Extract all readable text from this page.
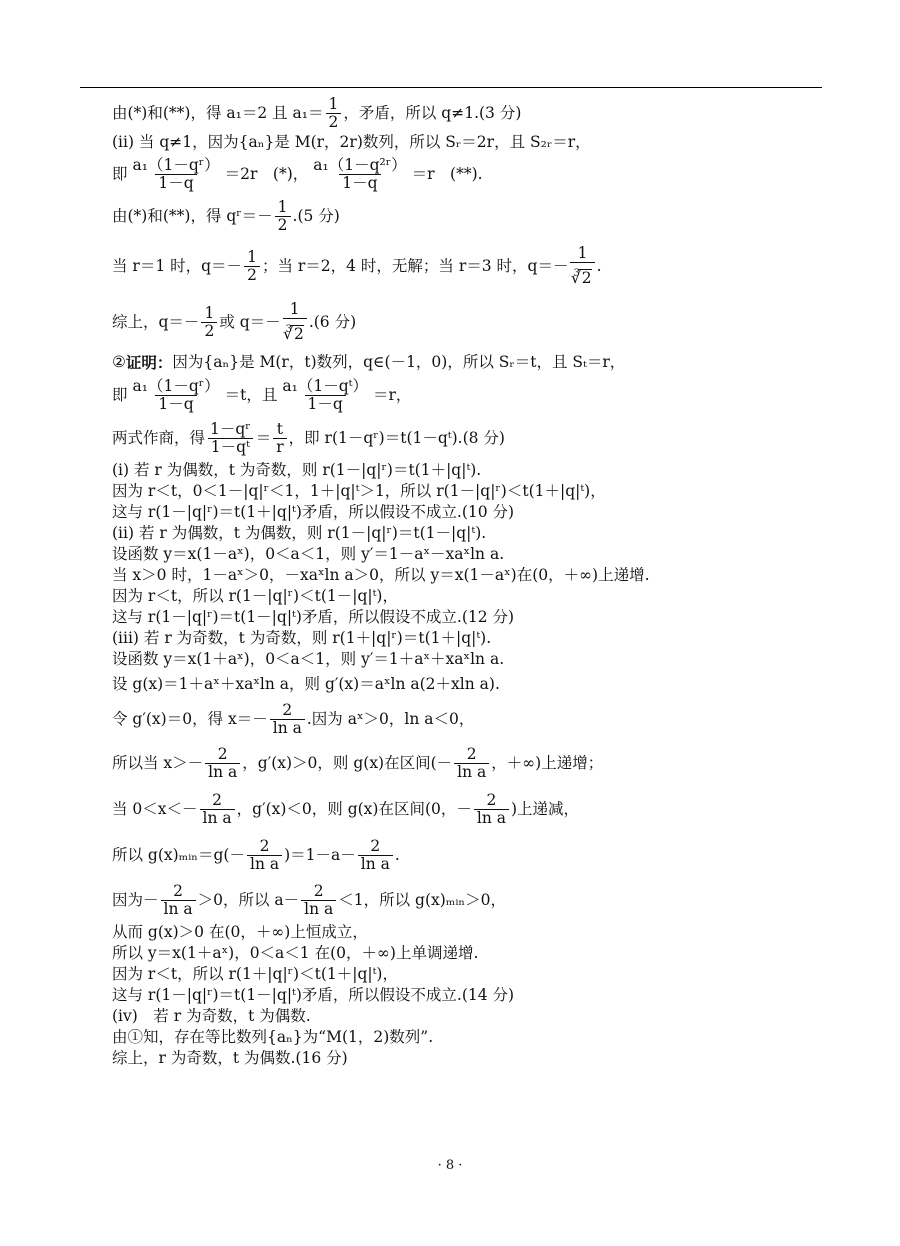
由(*)和(**)，得 a₁＝2 且 $a_1= \frac{1}{2}$ ，矛盾，所以 q≠1.(3 分)
(ii) 当 q≠1，因为{aₙ}是 M(r，2r)数列，所以 Sᵣ＝2r，且 S₂ᵣ＝r，
即 $\frac{\text{a₁（1－qʳ）}}{1-q} =2r$　(*)， $\frac{\text{a₁（1－q²ʳ）}}{1-q} =r$　(**).
由(*)和(**)，得 qʳ＝－ $\frac{1}{2} .(5$ 分)
当 r＝1 时，$q=- \frac{1}{2}$ ；当 r＝2，4 时，无解；当 r＝3 时，q＝－ 1
3
√ 2 .
综上，$q=- \frac{1}{2}$ 或 q＝－ 1
3
√ 2 .(6 分)
② 证明： 因为{aₙ}是 M(r，t)数列，q∈(－1，0)，所以 Sᵣ＝t，且 Sₜ＝r，
即 $\frac{\text{a₁（1－qʳ）}}{1-q} =t$，且 $\frac{\text{a₁（1－qᵗ）}}{1-q} =r$，
两式作商，得 $\frac{\text{1－qʳ}}{\text{1－qᵗ}} = \frac{t}{r}$ ，即 r(1－qʳ)＝t(1－qᵗ).(8 分)
(i) 若 r 为偶数，t 为奇数，则 r(1－|q|ʳ)＝t(1＋|q|ᵗ).
因为 r＜t，0＜1－|q|ʳ＜1，1＋|q|ᵗ＞1，所以 r(1－|q|ʳ)＜t(1＋|q|ᵗ)，
这与 r(1－|q|ʳ)＝t(1＋|q|ᵗ)矛盾，所以假设不成立.(10 分)
(ii) 若 r 为偶数，t 为偶数，则 r(1－|q|ʳ)＝t(1－|q|ᵗ).
设函数 y＝x(1－aˣ)，0＜a＜1，则 y′＝1－aˣ－xaˣln a.
当 x＞0 时，1－aˣ＞0，－xaˣln a＞0，所以 y＝x(1－aˣ)在(0，＋∞)上递增.
因为 r＜t，所以 r(1－|q|ʳ)＜t(1－|q|ᵗ)，
这与 r(1－|q|ʳ)＝t(1－|q|ᵗ)矛盾，所以假设不成立.(12 分)
(iii) 若 r 为奇数，t 为奇数，则 r(1＋|q|ʳ)＝t(1＋|q|ᵗ).
设函数 y＝x(1＋aˣ)，0＜a＜1，则 y′＝1＋aˣ＋xaˣln a.
设 g(x)＝1＋aˣ＋xaˣln a，则 g′(x)＝aˣln a(2＋xln a).
令 g′(x)＝0，得 $x=- \frac{2}{\text{ln a}}$ .因为 aˣ＞0，ln a＜0，
所以当 $x>- \frac{2}{\text{ln a}}$ ，g′(x)＞0，则 g(x)在区间(－ $\frac{2}{\text{ln a}}$ ，＋∞)上递增；
当 $0<x<- \frac{2}{\text{ln a}}$ ，g′(x)＜0，则 g(x)在区间(0，－ $\frac{2}{\text{ln a}}$ )上递减，
所以 g(x)ₘᵢₙ＝g(－ $\frac{2}{\text{ln a}} )=1-a- \frac{2}{\text{ln a}}$ .
因为－ $\frac{2}{\text{ln a}} >0$，所以 $a- \frac{2}{\text{ln a}} <1$，所以 g(x)ₘᵢₙ＞0，
从而 g(x)＞0 在(0，＋∞)上恒成立，
所以 y＝x(1＋aˣ)，0＜a＜1 在(0，＋∞)上单调递增.
因为 r＜t，所以 r(1＋|q|ʳ)＜t(1＋|q|ᵗ)，
这与 r(1－|q|ʳ)＝t(1－|q|ᵗ)矛盾，所以假设不成立.(14 分)
(iv)　若 r 为奇数，t 为偶数.
由①知，存在等比数列{aₙ}为“M(1，2)数列”.
综上，r 为奇数，t 为偶数.(16 分)
· 8 ·
